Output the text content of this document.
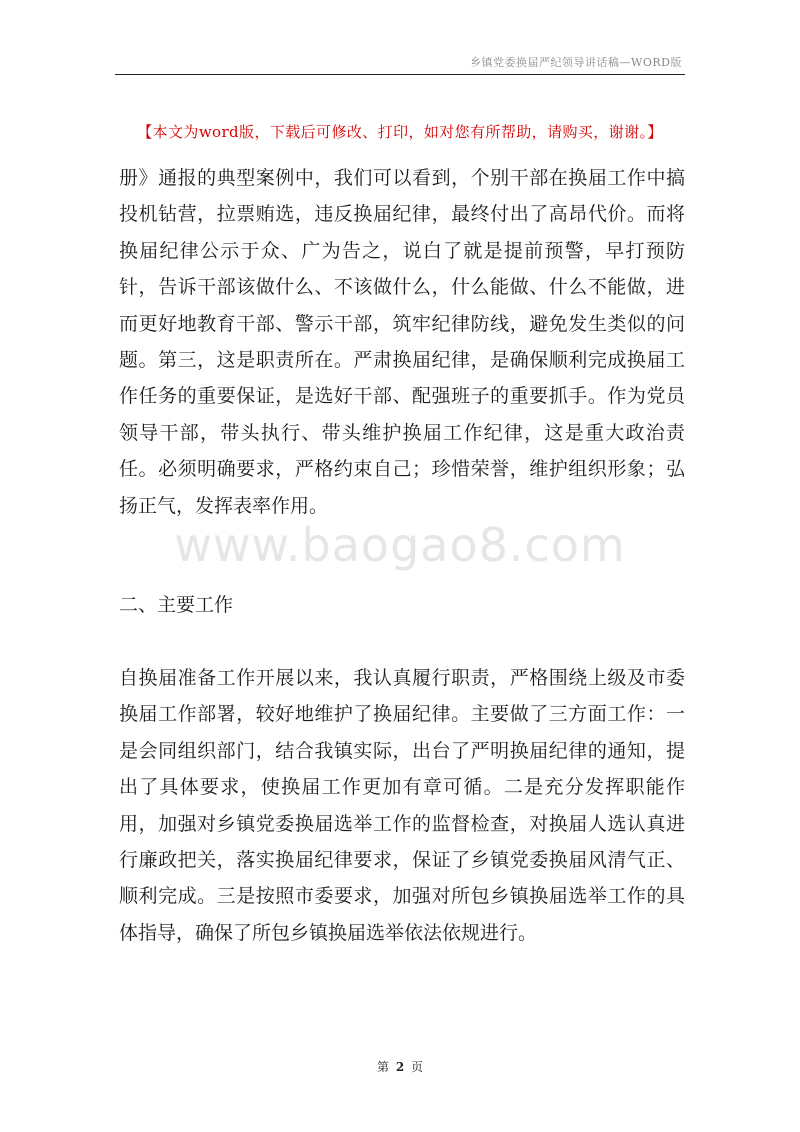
乡镇党委换届严纪领导讲话稿—WORD版
【本文为word版，下载后可修改、打印，如对您有所帮助，请购买，谢谢。】
www.baogao8.com
册》通报的典型案例中，我们可以看到，个别干部在换届工作中搞投机钻营，拉票贿选，违反换届纪律，最终付出了高昂代价。而将换届纪律公示于众、广为告之，说白了就是提前预警，早打预防针，告诉干部该做什么、不该做什么，什么能做、什么不能做，进而更好地教育干部、警示干部，筑牢纪律防线，避免发生类似的问题。第三，这是职责所在。严肃换届纪律，是确保顺利完成换届工作任务的重要保证，是选好干部、配强班子的重要抓手。作为党员领导干部，带头执行、带头维护换届工作纪律，这是重大政治责任。必须明确要求，严格约束自己；珍惜荣誉，维护组织形象；弘扬正气，发挥表率作用。
二、主要工作
自换届准备工作开展以来，我认真履行职责，严格围绕上级及市委换届工作部署，较好地维护了换届纪律。主要做了三方面工作：一是会同组织部门，结合我镇实际，出台了严明换届纪律的通知，提出了具体要求，使换届工作更加有章可循。二是充分发挥职能作用，加强对乡镇党委换届选举工作的监督检查，对换届人选认真进行廉政把关，落实换届纪律要求，保证了乡镇党委换届风清气正、顺利完成。三是按照市委要求，加强对所包乡镇换届选举工作的具体指导，确保了所包乡镇换届选举依法依规进行。
第 2 页
